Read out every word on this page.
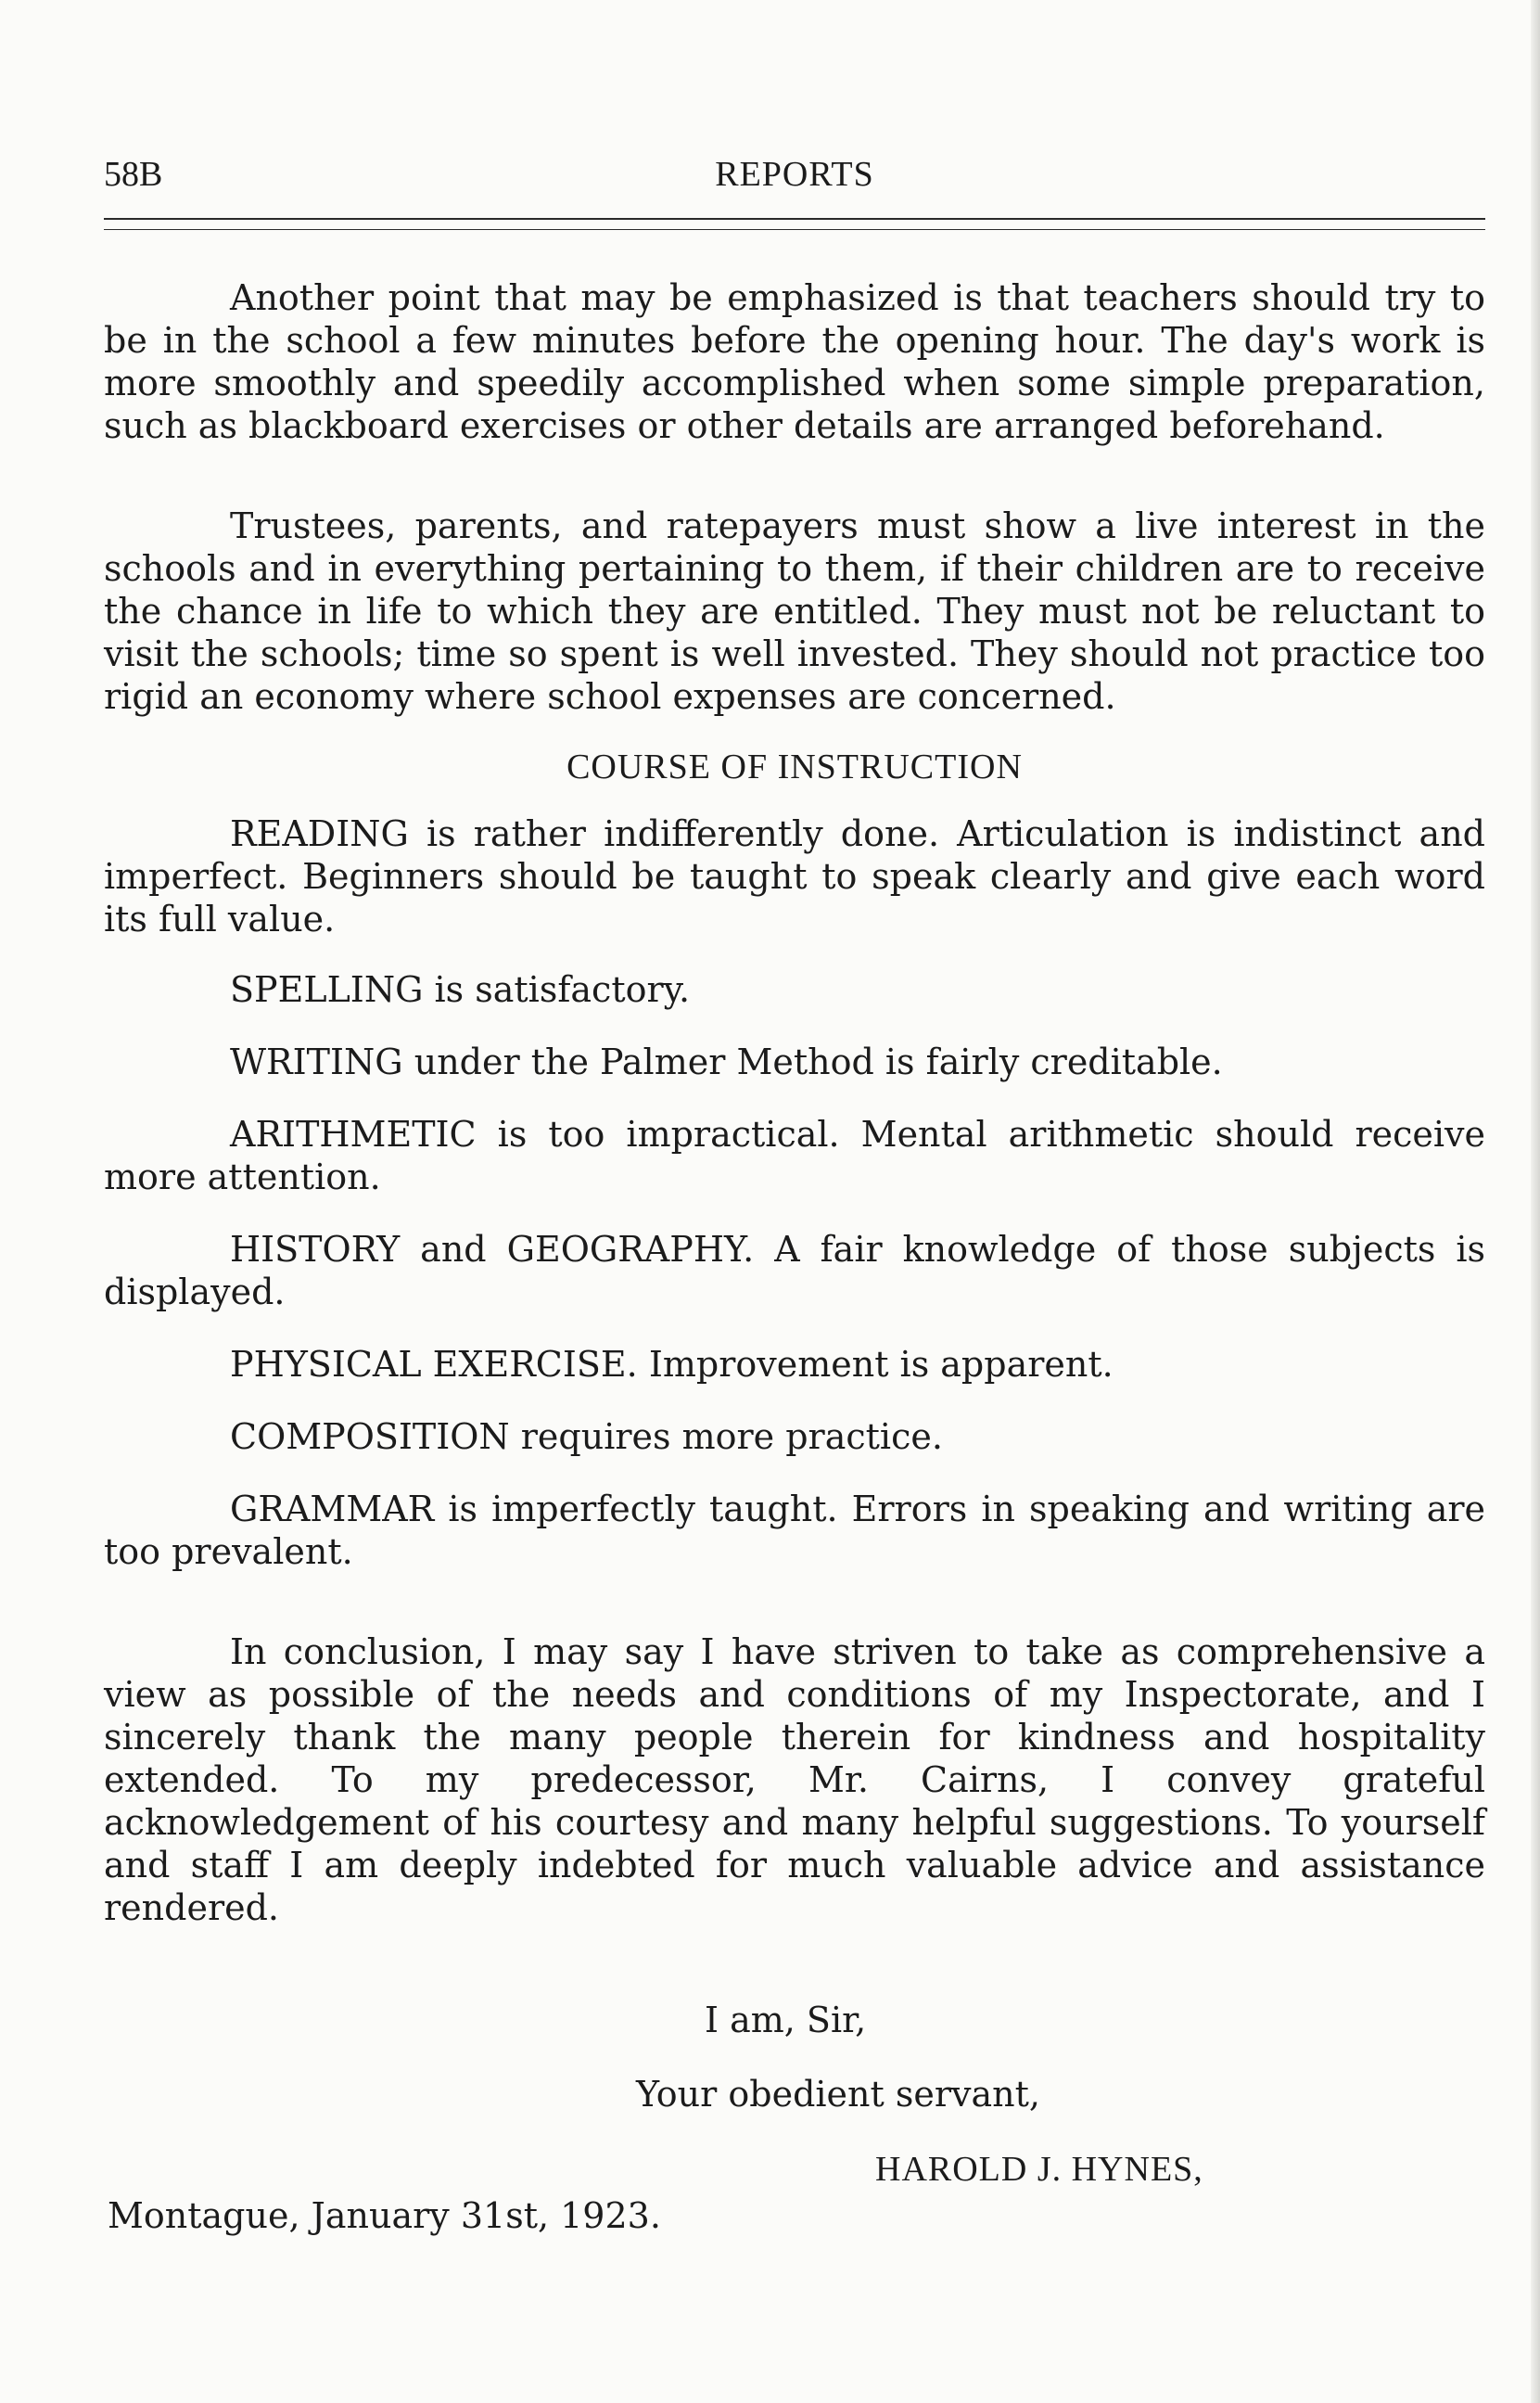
58B	REPORTS

Another point that may be emphasized is that teachers should try to be in the school a few minutes before the opening hour. The day's work is more smoothly and speedily accomplished when some simple preparation, such as blackboard exercises or other details are arranged beforehand.

Trustees, parents, and ratepayers must show a live interest in the schools and in everything pertaining to them, if their children are to receive the chance in life to which they are entitled. They must not be reluctant to visit the schools; time so spent is well invested. They should not practice too rigid an economy where school expenses are concerned.

COURSE OF INSTRUCTION

READING is rather indifferently done. Articulation is indistinct and imperfect. Beginners should be taught to speak clearly and give each word its full value.

SPELLING is satisfactory.

WRITING under the Palmer Method is fairly creditable.

ARITHMETIC is too impractical. Mental arithmetic should receive more attention.

HISTORY and GEOGRAPHY. A fair knowledge of those subjects is displayed.

PHYSICAL EXERCISE. Improvement is apparent.

COMPOSITION requires more practice.

GRAMMAR is imperfectly taught. Errors in speaking and writing are too prevalent.

In conclusion, I may say I have striven to take as comprehensive a view as possible of the needs and conditions of my Inspectorate, and I sincerely thank the many people therein for kindness and hospitality extended. To my predecessor, Mr. Cairns, I convey grateful acknowledgement of his courtesy and many helpful suggestions. To yourself and staff I am deeply indebted for much valuable advice and assistance rendered.

I am, Sir,
Your obedient servant,
HAROLD J. HYNES,
Montague, January 31st, 1923.
